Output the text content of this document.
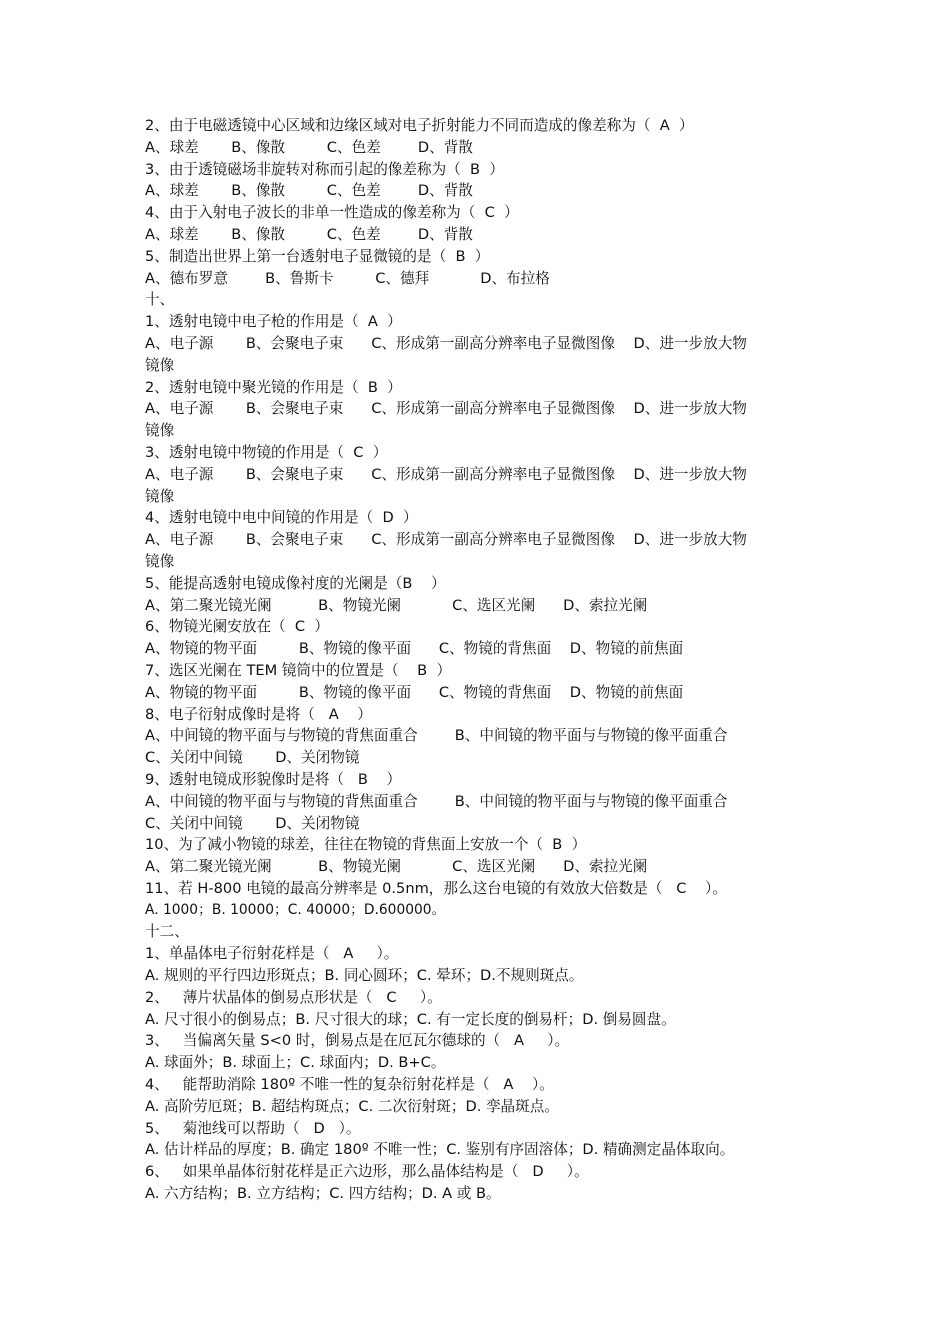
2、由于电磁透镜中心区域和边缘区域对电子折射能力不同而造成的像差称为（  A  ）
A、球差       B、像散         C、色差        D、背散
3、由于透镜磁场非旋转对称而引起的像差称为（  B  ）
A、球差       B、像散         C、色差        D、背散
4、由于入射电子波长的非单一性造成的像差称为（  C  ）
A、球差       B、像散         C、色差        D、背散
5、制造出世界上第一台透射电子显微镜的是（  B  ）
A、德布罗意        B、鲁斯卡         C、德拜           D、布拉格
十、
1、透射电镜中电子枪的作用是（  A  ）
A、电子源       B、会聚电子束      C、形成第一副高分辨率电子显微图像    D、进一步放大物
镜像
2、透射电镜中聚光镜的作用是（  B  ）
A、电子源       B、会聚电子束      C、形成第一副高分辨率电子显微图像    D、进一步放大物
镜像
3、透射电镜中物镜的作用是（  C  ）
A、电子源       B、会聚电子束      C、形成第一副高分辨率电子显微图像    D、进一步放大物
镜像
4、透射电镜中电中间镜的作用是（  D  ）
A、电子源       B、会聚电子束      C、形成第一副高分辨率电子显微图像    D、进一步放大物
镜像
5、能提高透射电镜成像衬度的光阑是（B    ）
A、第二聚光镜光阑          B、物镜光阑           C、选区光阑      D、索拉光阑
6、物镜光阑安放在（  C  ）
A、物镜的物平面         B、物镜的像平面      C、物镜的背焦面    D、物镜的前焦面
7、选区光阑在 TEM 镜筒中的位置是（    B  ）
A、物镜的物平面         B、物镜的像平面      C、物镜的背焦面    D、物镜的前焦面
8、电子衍射成像时是将（   A    ）
A、中间镜的物平面与与物镜的背焦面重合        B、中间镜的物平面与与物镜的像平面重合
C、关闭中间镜       D、关闭物镜
9、透射电镜成形貌像时是将（   B    ）
A、中间镜的物平面与与物镜的背焦面重合        B、中间镜的物平面与与物镜的像平面重合
C、关闭中间镜       D、关闭物镜
10、为了减小物镜的球差，往往在物镜的背焦面上安放一个（  B  ）
A、第二聚光镜光阑          B、物镜光阑           C、选区光阑      D、索拉光阑
11、若 H-800 电镜的最高分辨率是 0.5nm，那么这台电镜的有效放大倍数是（   C    ）。
A. 1000；B. 10000；C. 40000；D.600000。
十二、
1、单晶体电子衍射花样是（   A     ）。
A. 规则的平行四边形斑点；B. 同心圆环；C. 晕环；D.不规则斑点。
2、   薄片状晶体的倒易点形状是（   C     ）。
A. 尺寸很小的倒易点；B. 尺寸很大的球；C. 有一定长度的倒易杆；D. 倒易圆盘。
3、   当偏离矢量 S<0 时，倒易点是在厄瓦尔德球的（   A     ）。
A. 球面外；B. 球面上；C. 球面内；D. B+C。
4、   能帮助消除 180º 不唯一性的复杂衍射花样是（   A    ）。
A. 高阶劳厄斑；B. 超结构斑点；C. 二次衍射斑；D. 孪晶斑点。
5、   菊池线可以帮助（   D   ）。
A. 估计样品的厚度；B. 确定 180º 不唯一性；C. 鉴别有序固溶体；D. 精确测定晶体取向。
6、   如果单晶体衍射花样是正六边形，那么晶体结构是（   D     ）。
A. 六方结构；B. 立方结构；C. 四方结构；D. A 或 B。
